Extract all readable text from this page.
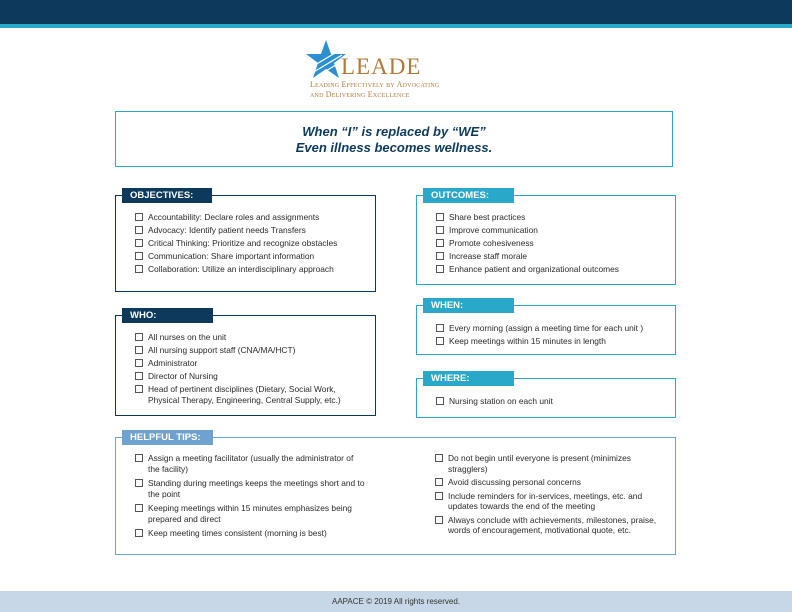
LEADE
Leading Effectively by Advocating
and Delivering Excellence
When “I” is replaced by “WE”
Even illness becomes wellness.
OBJECTIVES:
Accountability: Declare roles and assignments
Advocacy: Identify patient needs Transfers
Critical Thinking: Prioritize and recognize obstacles
Communication: Share important information
Collaboration: Utilize an interdisciplinary approach
OUTCOMES:
Share best practices
Improve communication
Promote cohesiveness
Increase staff morale
Enhance patient and organizational outcomes
WHO:
All nurses on the unit
All nursing support staff (CNA/MA/HCT)
Administrator
Director of Nursing
Head of pertinent disciplines (Dietary, Social Work, Physical Therapy, Engineering, Central Supply, etc.)
WHEN:
Every morning (assign a meeting time for each unit )
Keep meetings within 15 minutes in length
WHERE:
Nursing station on each unit
HELPFUL TIPS:
Assign a meeting facilitator (usually the administrator of the facility)
Standing during meetings keeps the meetings short and to the point
Keeping meetings within 15 minutes emphasizes being prepared and direct
Keep meeting times consistent (morning is best)
Do not begin until everyone is present (minimizes stragglers)
Avoid discussing personal concerns
Include reminders for in-services, meetings, etc. and updates towards the end of the meeting
Always conclude with achievements, milestones, praise, words of encouragement, motivational quote, etc.
AAPACE © 2019 All rights reserved.
